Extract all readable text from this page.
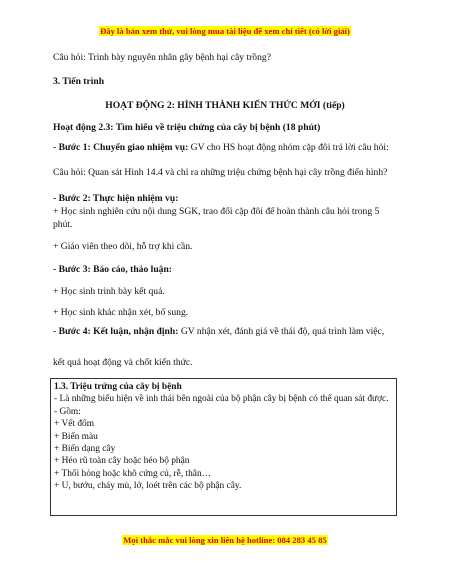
Đây là bản xem thử, vui lòng mua tài liệu để xem chi tiết (có lời giải)
Câu hỏi: Trình bày nguyên nhân gây bệnh hại cây trồng?
3. Tiến trình
HOẠT ĐỘNG 2: HÌNH THÀNH KIẾN THỨC MỚI (tiếp)
Hoạt động 2.3: Tìm hiểu về triệu chứng của cây bị bệnh (18 phút)
- Bước 1: Chuyển giao nhiệm vụ: GV cho HS hoạt động nhóm cặp đôi trả lời câu hỏi:
Câu hỏi: Quan sát Hình 14.4 và chỉ ra những triệu chứng bệnh hại cây trồng điển hình?
- Bước 2: Thực hiện nhiệm vụ:
+ Học sinh nghiên cứu nội dung SGK, trao đổi cặp đôi để hoàn thành câu hỏi trong 5 phút.
+ Giáo viên theo dõi, hỗ trợ khi cần.
- Bước 3: Báo cáo, thảo luận:
+ Học sinh trình bày kết quả.
+ Học sinh khác nhận xét, bổ sung.
- Bước 4: Kết luận, nhận định: GV nhận xét, đánh giá về thái độ, quá trình làm việc,
kết quả hoạt động và chốt kiến thức.
1.3. Triệu trứng của cây bị bệnh
- Là những biểu hiện về inh thái bên ngoài của bộ phận cây bị bệnh có thể quan sát được.
- Gồm:
+ Vết đốm
+ Biến màu
+ Biến dạng cây
+ Héo rũ toàn cây hoặc héo bộ phận
+ Thối hỏng hoặc khô cứng củ, rễ, thân…
+ U, bướu, cháy mù, lở, loét trên các bộ phận cây.
Mọi thắc mắc vui lòng xin liên hệ hotline: 084 283 45 85
